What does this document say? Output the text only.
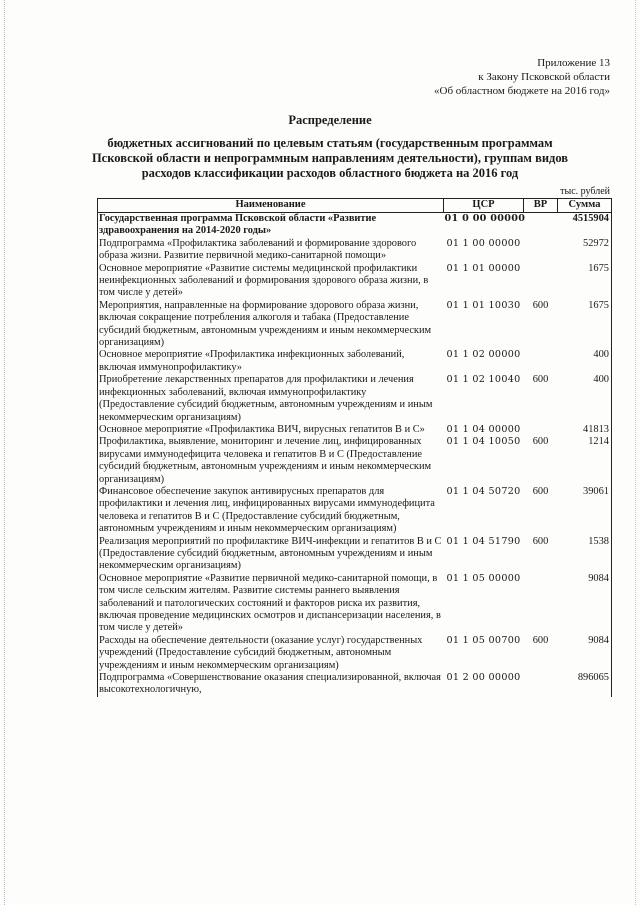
Приложение 13
к Закону Псковской области
«Об областном бюджете на 2016 год»
Распределение
бюджетных ассигнований по целевым статьям (государственным программам
Псковской области и непрограммным направлениям деятельности), группам видов
расходов классификации расходов областного бюджета на 2016 год
тыс. рублей
Наименование	ЦСР	ВР	Сумма
Государственная программа Псковской области «Развитие здравоохранения на 2014-2020 годы»	01 0 00 00000		4515904
Подпрограмма «Профилактика заболеваний и формирование здорового образа жизни. Развитие первичной медико-санитарной помощи»	01 1 00 00000		52972
Основное мероприятие «Развитие системы медицинской профилактики неинфекционных заболеваний и формирования здорового образа жизни, в том числе у детей»	01 1 01 00000		1675
Мероприятия, направленные на формирование здорового образа жизни, включая сокращение потребления алкоголя и табака (Предоставление субсидий бюджетным, автономным учреждениям и иным некоммерческим организациям)	01 1 01 10030	600	1675
Основное мероприятие «Профилактика инфекционных заболеваний, включая иммунопрофилактику»	01 1 02 00000		400
Приобретение лекарственных препаратов для профилактики и лечения инфекционных заболеваний, включая иммунопрофилактику (Предоставление субсидий бюджетным, автономным учреждениям и иным некоммерческим организациям)	01 1 02 10040	600	400
Основное мероприятие «Профилактика ВИЧ, вирусных гепатитов В и С»	01 1 04 00000		41813
Профилактика, выявление, мониторинг и лечение лиц, инфицированных вирусами иммунодефицита человека и гепатитов В и С (Предоставление субсидий бюджетным, автономным учреждениям и иным некоммерческим организациям)	01 1 04 10050	600	1214
Финансовое обеспечение закупок антивирусных препаратов для профилактики и лечения лиц, инфицированных вирусами иммунодефицита человека и гепатитов В и С (Предоставление субсидий бюджетным, автономным учреждениям и иным некоммерческим организациям)	01 1 04 50720	600	39061
Реализация мероприятий по профилактике ВИЧ-инфекции и гепатитов В и С (Предоставление субсидий бюджетным, автономным учреждениям и иным некоммерческим организациям)	01 1 04 51790	600	1538
Основное мероприятие «Развитие первичной медико-санитарной помощи, в том числе сельским жителям. Развитие системы раннего выявления заболеваний и патологических состояний и факторов риска их развития, включая проведение медицинских осмотров и диспансеризации населения, в том числе у детей»	01 1 05 00000		9084
Расходы на обеспечение деятельности (оказание услуг) государственных учреждений (Предоставление субсидий бюджетным, автономным учреждениям и иным некоммерческим организациям)	01 1 05 00700	600	9084
Подпрограмма «Совершенствование оказания специализированной, включая высокотехнологичную,	01 2 00 00000		896065
